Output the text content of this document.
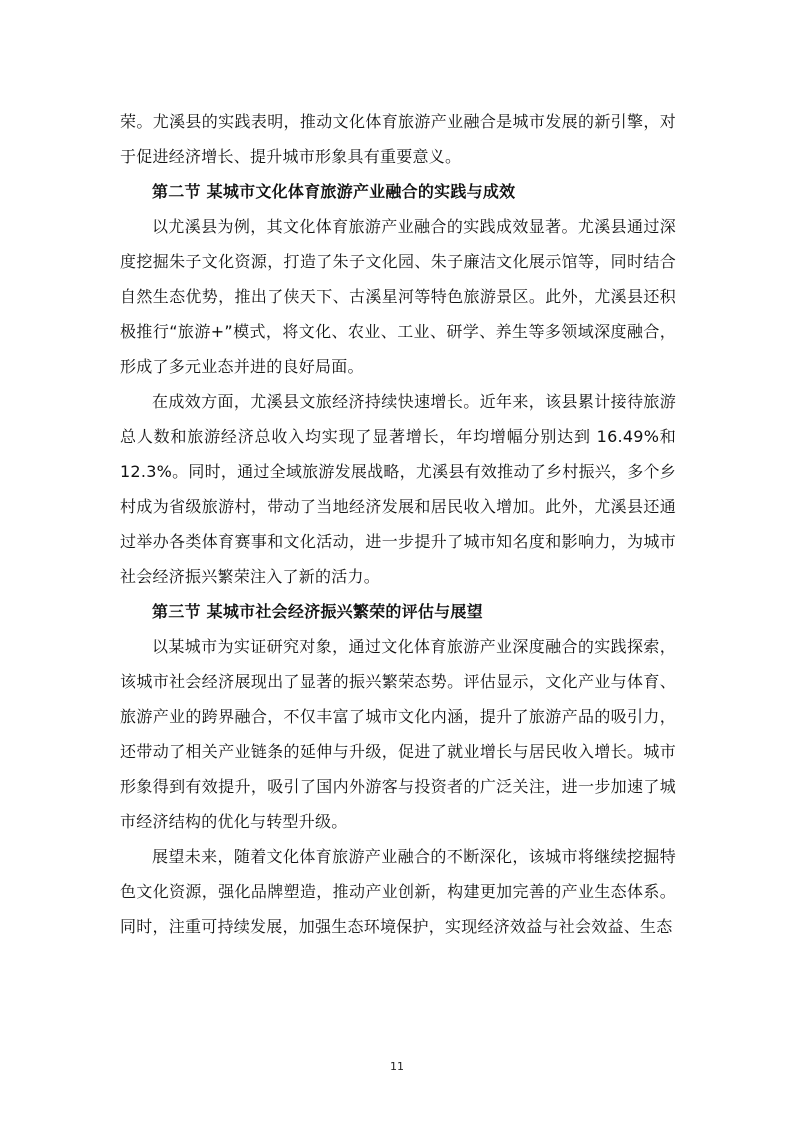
荣。尤溪县的实践表明，推动文化体育旅游产业融合是城市发展的新引擎，对于促进经济增长、提升城市形象具有重要意义。

第二节 某城市文化体育旅游产业融合的实践与成效

以尤溪县为例，其文化体育旅游产业融合的实践成效显著。尤溪县通过深度挖掘朱子文化资源，打造了朱子文化园、朱子廉洁文化展示馆等，同时结合自然生态优势，推出了侠天下、古溪星河等特色旅游景区。此外，尤溪县还积极推行“旅游+”模式，将文化、农业、工业、研学、养生等多领域深度融合，形成了多元业态并进的良好局面。

在成效方面，尤溪县文旅经济持续快速增长。近年来，该县累计接待旅游总人数和旅游经济总收入均实现了显著增长，年均增幅分别达到 16.49%和 12.3%。同时，通过全域旅游发展战略，尤溪县有效推动了乡村振兴，多个乡村成为省级旅游村，带动了当地经济发展和居民收入增加。此外，尤溪县还通过举办各类体育赛事和文化活动，进一步提升了城市知名度和影响力，为城市社会经济振兴繁荣注入了新的活力。

第三节 某城市社会经济振兴繁荣的评估与展望

以某城市为实证研究对象，通过文化体育旅游产业深度融合的实践探索，该城市社会经济展现出了显著的振兴繁荣态势。评估显示，文化产业与体育、旅游产业的跨界融合，不仅丰富了城市文化内涵，提升了旅游产品的吸引力，还带动了相关产业链条的延伸与升级，促进了就业增长与居民收入增长。城市形象得到有效提升，吸引了国内外游客与投资者的广泛关注，进一步加速了城市经济结构的优化与转型升级。

展望未来，随着文化体育旅游产业融合的不断深化，该城市将继续挖掘特色文化资源，强化品牌塑造，推动产业创新，构建更加完善的产业生态体系。同时，注重可持续发展，加强生态环境保护，实现经济效益与社会效益、生态

11
